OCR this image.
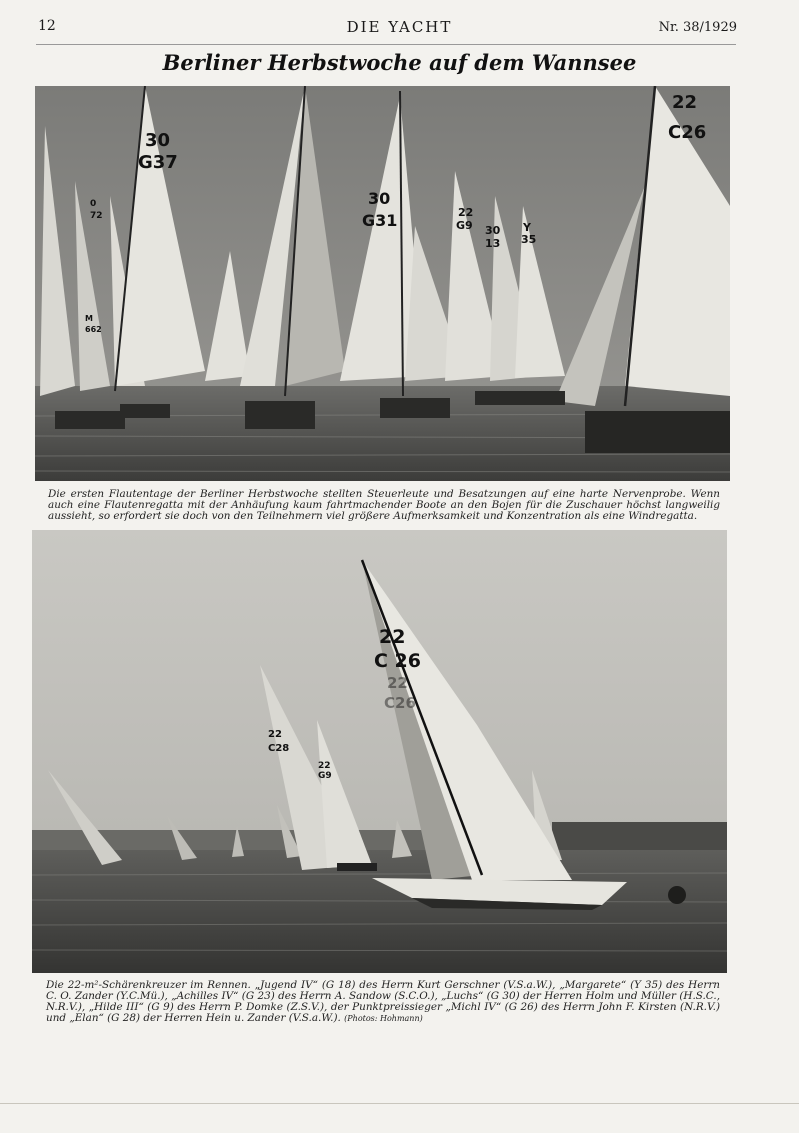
12	DIE YACHT	Nr. 38/1929
Berliner Herbstwoche auf dem Wannsee
30
G37
30
G31
22
C26
22
G9 30
13
Y
35
0
72
M
662
Die ersten Flautentage der Berliner Herbstwoche stellten Steuerleute und Besatzungen auf eine harte Nervenprobe. Wenn auch eine Flautenregatta mit der Anhäufung kaum fahrtmachender Boote an den Bojen für die Zuschauer höchst langweilig aussieht, so erfordert sie doch von den Teilnehmern viel größere Aufmerksamkeit und Konzentration als eine Windregatta.
22
C 26
22
C26
22
C28
22
G9
Die 22-m²-Schärenkreuzer im Rennen. „Jugend IV“ (G 18) des Herrn Kurt Gerschner (V.S.a.W.), „Margarete“ (Y 35) des Herrn C. O. Zander (Y.C.Mü.), „Achilles IV“ (G 23) des Herrn A. Sandow (S.C.O.), „Luchs“ (G 30) der Herren Holm und Müller (H.S.C., N.R.V.), „Hilde III“ (G 9) des Herrn P. Domke (Z.S.V.), der Punktpreissieger „Michl IV“ (G 26) des Herrn John F. Kirsten (N.R.V.) und „Elan“ (G 28) der Herren Hein u. Zander (V.S.a.W.). (Photos: Hohmann)
